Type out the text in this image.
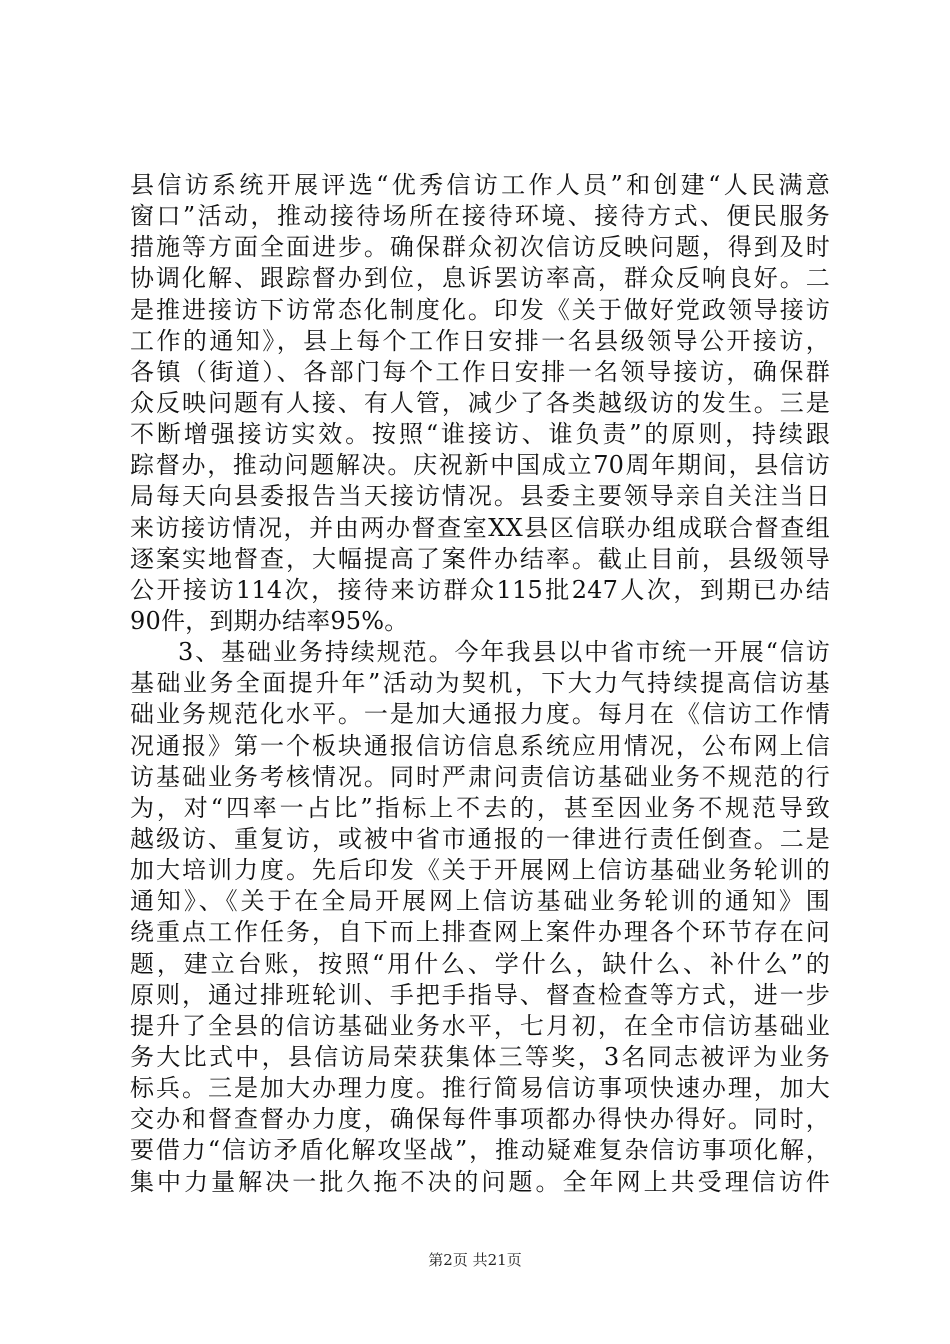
县信访系统开展评选“优秀信访工作人员”和创建“人民满意
窗口”活动，推动接待场所在接待环境、接待方式、便民服务
措施等方面全面进步。确保群众初次信访反映问题，得到及时
协调化解、跟踪督办到位，息诉罢访率高，群众反响良好。二
是推进接访下访常态化制度化。印发《关于做好党政领导接访
工作的通知》，县上每个工作日安排一名县级领导公开接访，
各镇（街道）、各部门每个工作日安排一名领导接访，确保群
众反映问题有人接、有人管，减少了各类越级访的发生。三是
不断增强接访实效。按照“谁接访、谁负责”的原则，持续跟
踪督办，推动问题解决。庆祝新中国成立70周年期间，县信访
局每天向县委报告当天接访情况。县委主要领导亲自关注当日
来访接访情况，并由两办督查室XX县区信联办组成联合督查组
逐案实地督查，大幅提高了案件办结率。截止目前，县级领导
公开接访114次，接待来访群众115批247人次，到期已办结
90件，到期办结率95%。
3、基础业务持续规范。今年我县以中省市统一开展“信访
基础业务全面提升年”活动为契机，下大力气持续提高信访基
础业务规范化水平。一是加大通报力度。每月在《信访工作情
况通报》第一个板块通报信访信息系统应用情况，公布网上信
访基础业务考核情况。同时严肃问责信访基础业务不规范的行
为，对“四率一占比”指标上不去的，甚至因业务不规范导致
越级访、重复访，或被中省市通报的一律进行责任倒查。二是
加大培训力度。先后印发《关于开展网上信访基础业务轮训的
通知》、《关于在全局开展网上信访基础业务轮训的通知》围
绕重点工作任务，自下而上排查网上案件办理各个环节存在问
题，建立台账，按照“用什么、学什么，缺什么、补什么”的
原则，通过排班轮训、手把手指导、督查检查等方式，进一步
提升了全县的信访基础业务水平，七月初，在全市信访基础业
务大比式中，县信访局荣获集体三等奖，3名同志被评为业务
标兵。三是加大办理力度。推行简易信访事项快速办理，加大
交办和督查督办力度，确保每件事项都办得快办得好。同时，
要借力“信访矛盾化解攻坚战”，推动疑难复杂信访事项化解，
集中力量解决一批久拖不决的问题。全年网上共受理信访件
第2页 共21页
